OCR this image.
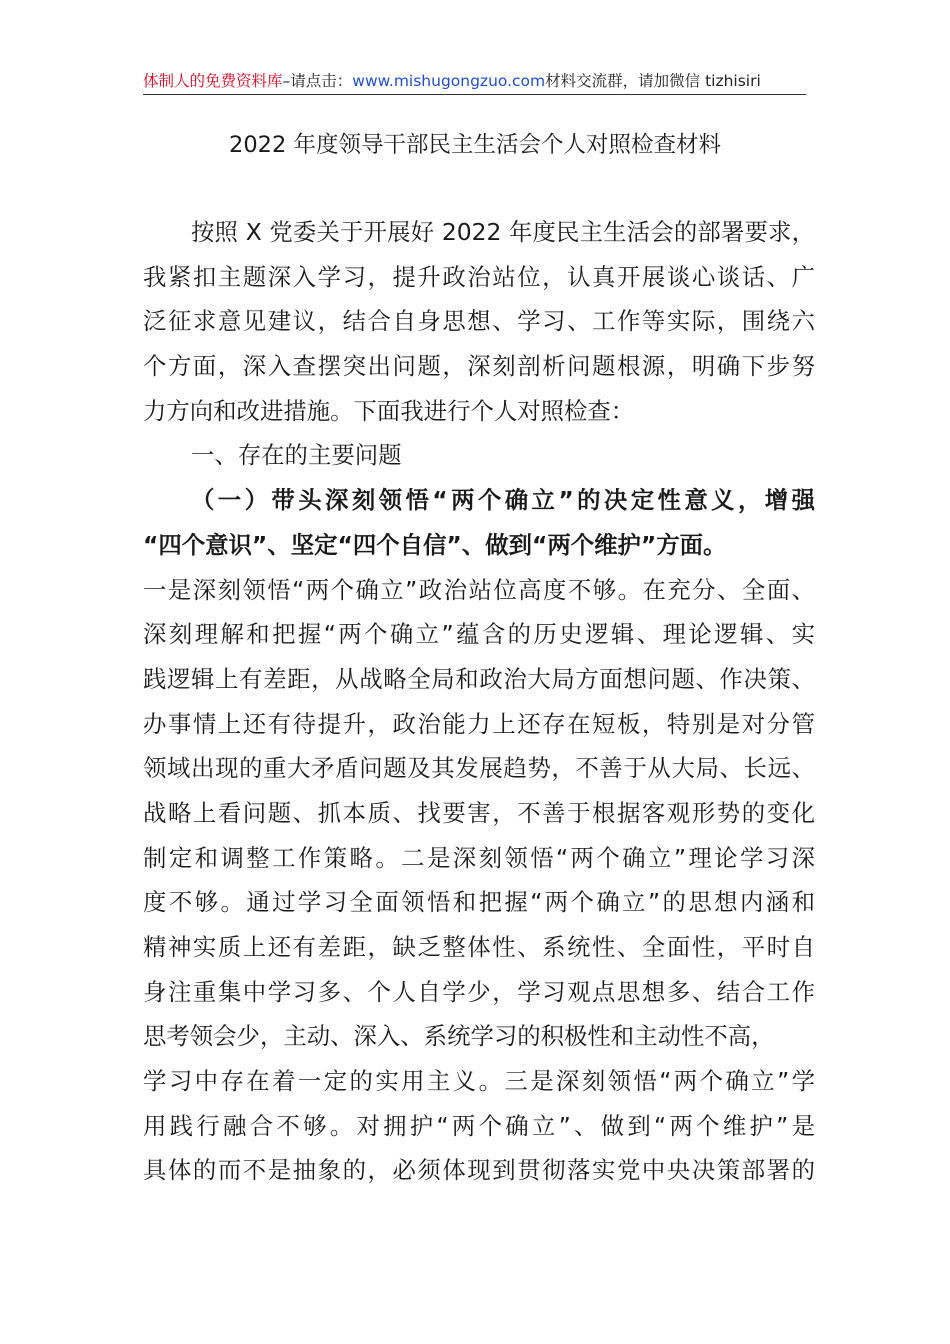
体制人的免费资料库–请点击：www.mishugongzuo.com材料交流群，请加微信 tizhisiri
2022 年度领导干部民主生活会个人对照检查材料
按照 X 党委关于开展好 2022 年度民主生活会的部署要求，
我紧扣主题深入学习，提升政治站位，认真开展谈心谈话、广
泛征求意见建议，结合自身思想、学习、工作等实际，围绕六
个方面，深入查摆突出问题，深刻剖析问题根源，明确下步努
力方向和改进措施。下面我进行个人对照检查：
一、存在的主要问题
（一）带头深刻领悟“两个确立”的决定性意义，增强
“四个意识”、坚定“四个自信”、做到“两个维护”方面。
一是深刻领悟“两个确立”政治站位高度不够。在充分、全面、
深刻理解和把握“两个确立”蕴含的历史逻辑、理论逻辑、实
践逻辑上有差距，从战略全局和政治大局方面想问题、作决策、
办事情上还有待提升，政治能力上还存在短板，特别是对分管
领域出现的重大矛盾问题及其发展趋势，不善于从大局、长远、
战略上看问题、抓本质、找要害，不善于根据客观形势的变化
制定和调整工作策略。二是深刻领悟“两个确立”理论学习深
度不够。通过学习全面领悟和把握“两个确立”的思想内涵和
精神实质上还有差距，缺乏整体性、系统性、全面性，平时自
身注重集中学习多、个人自学少，学习观点思想多、结合工作
思考领会少，主动、深入、系统学习的积极性和主动性不高，
学习中存在着一定的实用主义。三是深刻领悟“两个确立”学
用践行融合不够。对拥护“两个确立”、做到“两个维护”是
具体的而不是抽象的，必须体现到贯彻落实党中央决策部署的
